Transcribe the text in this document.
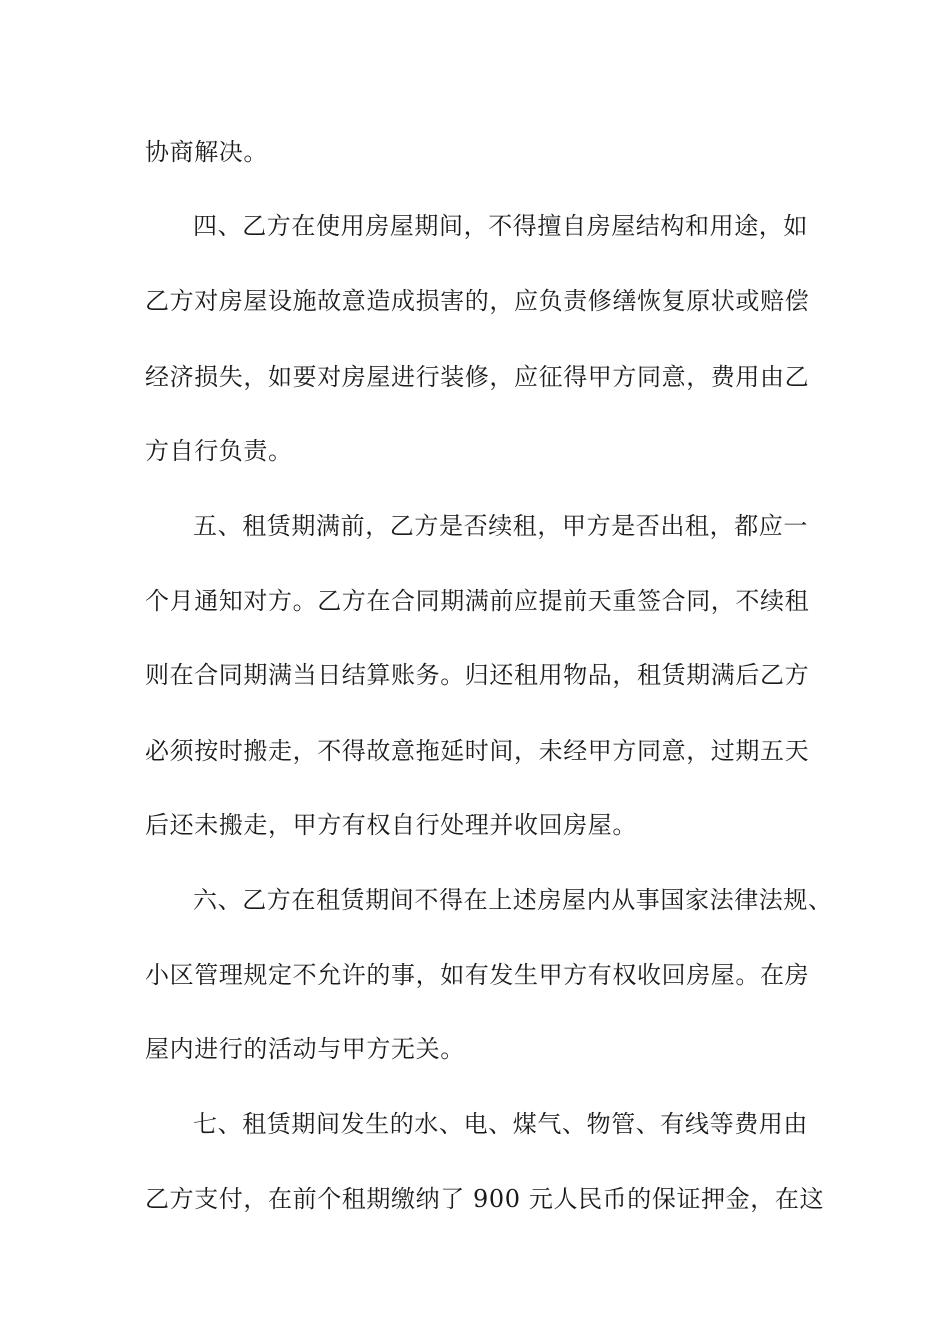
协商解决。
四、乙方在使用房屋期间，不得擅自房屋结构和用途，如
乙方对房屋设施故意造成损害的，应负责修缮恢复原状或赔偿
经济损失，如要对房屋进行装修，应征得甲方同意，费用由乙
方自行负责。
五、租赁期满前，乙方是否续租，甲方是否出租，都应一
个月通知对方。乙方在合同期满前应提前天重签合同，不续租
则在合同期满当日结算账务。归还租用物品，租赁期满后乙方
必须按时搬走，不得故意拖延时间，未经甲方同意，过期五天
后还未搬走，甲方有权自行处理并收回房屋。
六、乙方在租赁期间不得在上述房屋内从事国家法律法规、
小区管理规定不允许的事，如有发生甲方有权收回房屋。在房
屋内进行的活动与甲方无关。
七、租赁期间发生的水、电、煤气、物管、有线等费用由
乙方支付，在前个租期缴纳了 900 元人民币的保证押金，在这
